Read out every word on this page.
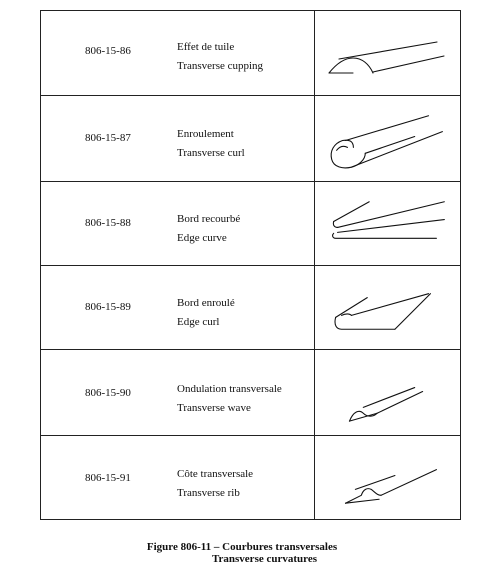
806-15-86	Effet de tuile
Transverse cupping
806-15-87	Enroulement
Transverse curl
806-15-88	Bord recourbé
Edge curve
806-15-89	Bord enroulé
Edge curl
806-15-90	Ondulation transversale
Transverse wave
806-15-91	Côte transversale
Transverse rib
Figure 806-11 – Courbures transversales
Transverse curvatures
